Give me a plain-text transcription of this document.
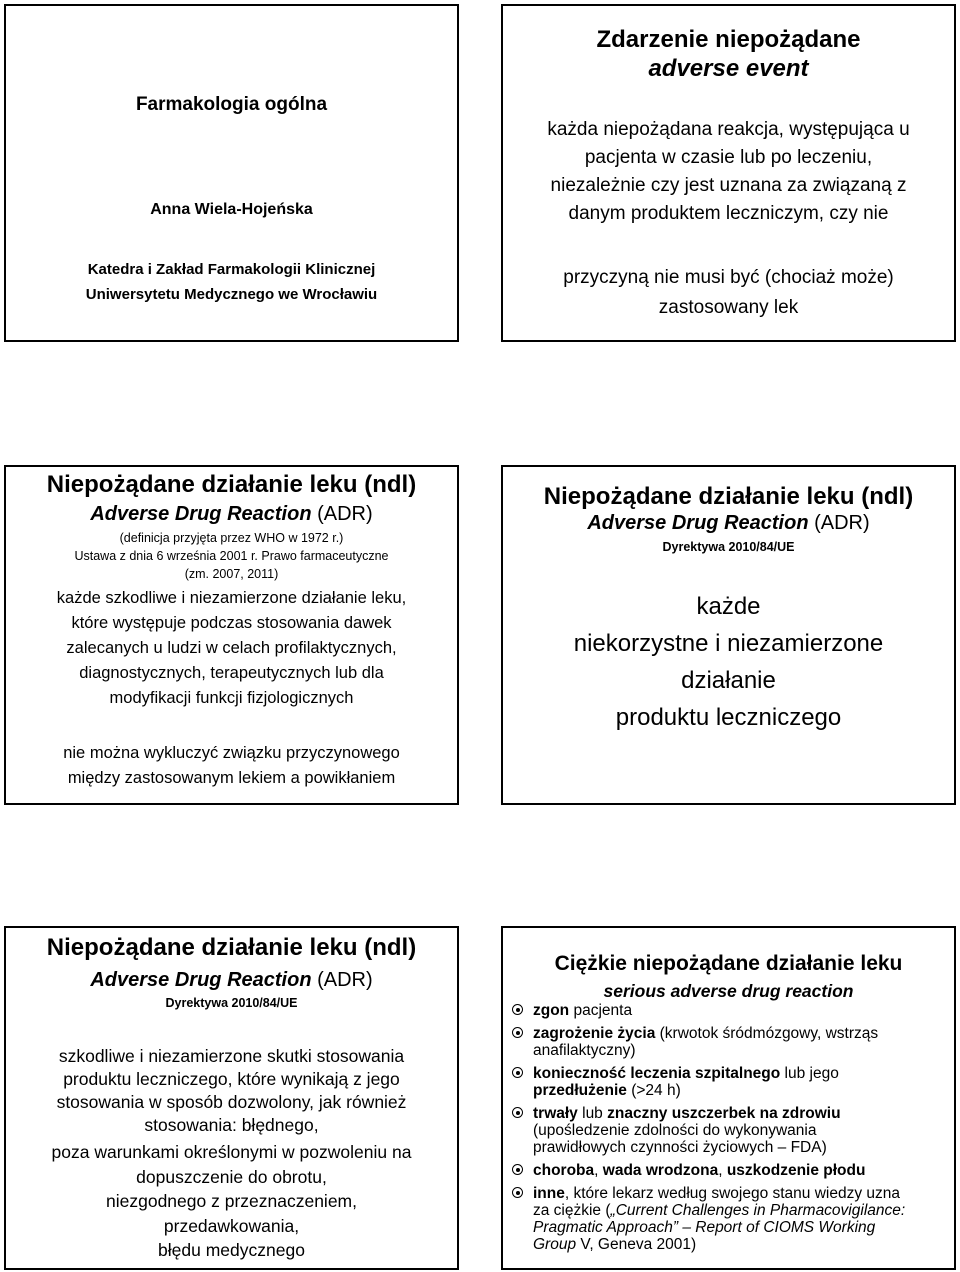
Farmakologia ogólna
Anna Wiela-Hojeńska
Katedra i Zakład Farmakologii Klinicznej
Uniwersytetu Medycznego we Wrocławiu
Zdarzenie niepożądane
adverse event
każda niepożądana reakcja, występująca u
pacjenta w czasie lub po leczeniu,
niezależnie czy jest uznana za związaną z
danym produktem leczniczym, czy nie
przyczyną nie musi być (chociaż może)
zastosowany lek
Niepożądane działanie leku (ndl)
Adverse Drug Reaction (ADR)
(definicja przyjęta przez WHO w 1972 r.)
Ustawa z dnia 6 września 2001 r. Prawo farmaceutyczne
(zm. 2007, 2011)
każde szkodliwe i niezamierzone działanie leku,
które występuje podczas stosowania dawek
zalecanych u ludzi w celach profilaktycznych,
diagnostycznych, terapeutycznych lub dla
modyfikacji funkcji fizjologicznych
nie można wykluczyć związku przyczynowego
między zastosowanym lekiem a powikłaniem
Niepożądane działanie leku (ndl)
Adverse Drug Reaction (ADR)
Dyrektywa 2010/84/UE
każde
niekorzystne i niezamierzone
działanie
produktu leczniczego
Niepożądane działanie leku (ndl)
Adverse Drug Reaction (ADR)
Dyrektywa 2010/84/UE
szkodliwe i niezamierzone skutki stosowania
produktu leczniczego, które wynikają z jego
stosowania w sposób dozwolony, jak również
stosowania: błędnego,
poza warunkami określonymi w pozwoleniu na
dopuszczenie do obrotu,
niezgodnego z przeznaczeniem,
przedawkowania,
błędu medycznego
Ciężkie niepożądane działanie leku
serious adverse drug reaction
zgon pacjenta
zagrożenie życia (krwotok śródmózgowy, wstrząs
anafilaktyczny)
konieczność leczenia szpitalnego lub jego
przedłużenie (>24 h)
trwały lub znaczny uszczerbek na zdrowiu
(upośledzenie zdolności do wykonywania
prawidłowych czynności życiowych – FDA)
choroba, wada wrodzona, uszkodzenie płodu
inne, które lekarz według swojego stanu wiedzy uzna
za ciężkie („Current Challenges in Pharmacovigilance:
Pragmatic Approach” – Report of CIOMS Working
Group V, Geneva 2001)
